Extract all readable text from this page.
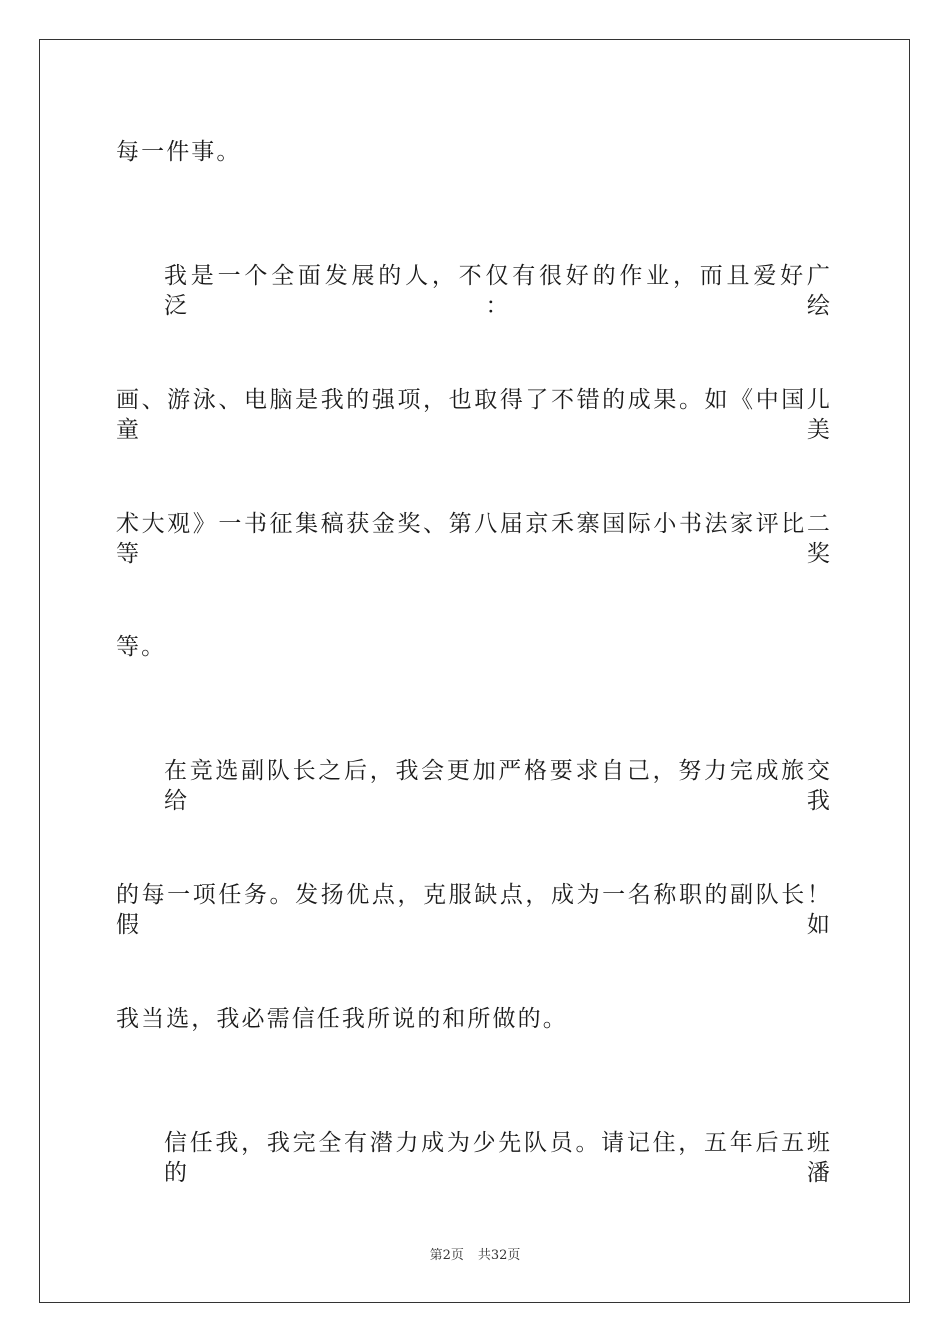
每一件事。
我是一个全面发展的人，不仅有很好的作业，而且爱好广泛：绘
画、游泳、电脑是我的强项，也取得了不错的成果。如《中国儿童美
术大观》一书征集稿获金奖、第八届京禾寨国际小书法家评比二等奖
等。
在竞选副队长之后，我会更加严格要求自己，努力完成旅交给我
的每一项任务。发扬优点，克服缺点，成为一名称职的副队长！假如
我当选，我必需信任我所说的和所做的。
信任我，我完全有潜力成为少先队员。请记住，五年后五班的潘
第2页 共32页
